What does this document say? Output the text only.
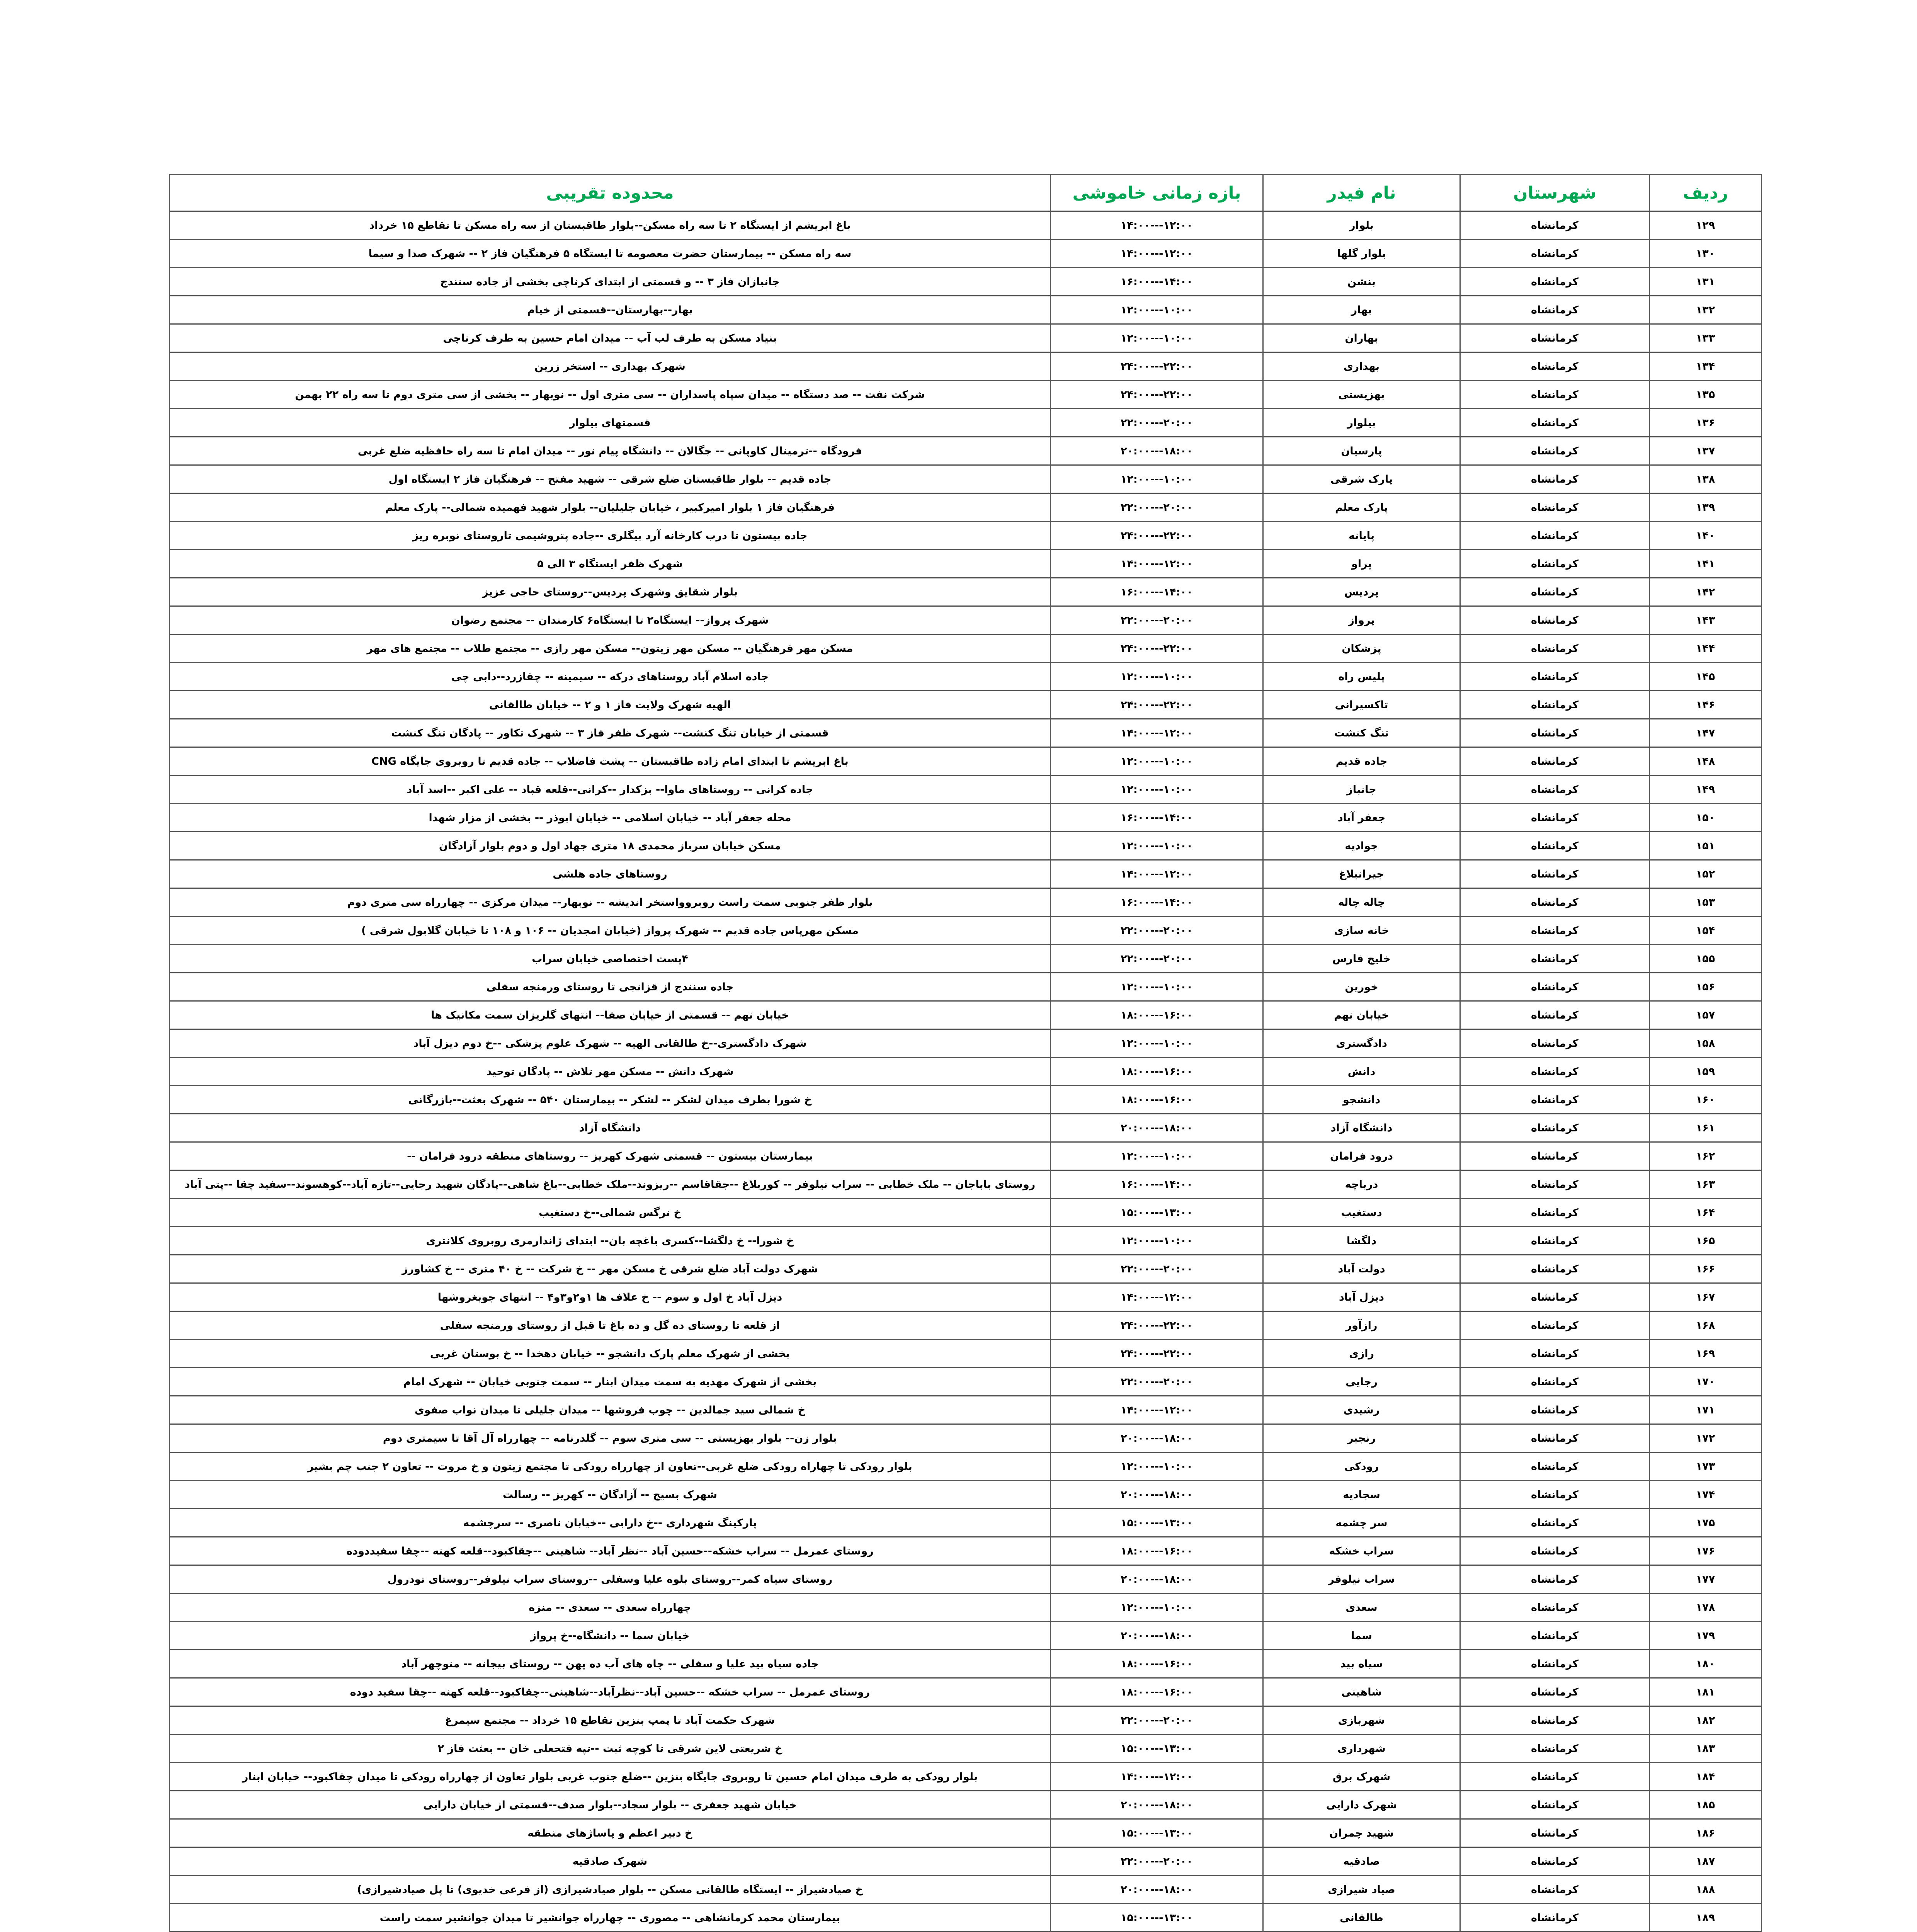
ردیف	شهرستان	نام فیدر	بازه زمانی خاموشی	محدوده تقریبی
۱۲۹	کرمانشاه	بلوار	۱۲:۰۰---۱۴:۰۰	باغ ابریشم از ایستگاه ۲ تا سه راه مسکن--بلوار طاقبستان از سه راه مسکن تا تقاطع ۱۵ خرداد
۱۳۰	کرمانشاه	بلوار گلها	۱۲:۰۰---۱۴:۰۰	سه راه مسکن -- بیمارستان حضرت معصومه تا ایستگاه ۵ فرهنگیان فاز ۲ -- شهرک صدا و سیما
۱۳۱	کرمانشاه	بنشن	۱۴:۰۰---۱۶:۰۰	جانبازان فاز ۳ -- و قسمتی از ابتدای کرناچی بخشی از جاده سنندج
۱۳۲	کرمانشاه	بهار	۱۰:۰۰---۱۲:۰۰	بهار--بهارستان--قسمتی از خیام
۱۳۳	کرمانشاه	بهاران	۱۰:۰۰---۱۲:۰۰	بنیاد مسکن به طرف لب آب -- میدان امام حسین به طرف کرناچی
۱۳۴	کرمانشاه	بهداری	۲۲:۰۰---۲۴:۰۰	شهرک بهداری -- استخر زرین
۱۳۵	کرمانشاه	بهزیستی	۲۲:۰۰---۲۴:۰۰	شرکت نفت -- صد دستگاه -- میدان سپاه پاسداران -- سی متری اول -- نوبهار -- بخشی از سی متری دوم تا سه راه ۲۲ بهمن
۱۳۶	کرمانشاه	بیلوار	۲۰:۰۰---۲۲:۰۰	قسمتهای بیلوار
۱۳۷	کرمانشاه	پارسیان	۱۸:۰۰---۲۰:۰۰	فرودگاه --ترمینال کاوپانی -- جگالان -- دانشگاه پیام نور -- میدان امام تا سه راه حافظیه ضلع غربی
۱۳۸	کرمانشاه	پارک شرقی	۱۰:۰۰---۱۲:۰۰	جاده قدیم -- بلوار طاقبستان ضلع شرقی -- شهید مفتح -- فرهنگیان فاز ۲ ایستگاه اول
۱۳۹	کرمانشاه	پارک معلم	۲۰:۰۰---۲۲:۰۰	فرهنگیان فاز ۱ بلوار امیرکبیر ، خیابان جلیلیان-- بلوار شهید فهمیده شمالی-- پارک معلم
۱۴۰	کرمانشاه	پایانه	۲۲:۰۰---۲۴:۰۰	جاده بیستون تا درب کارخانه آرد بیگلری --جاده پتروشیمی تاروستای نوبره ریز
۱۴۱	کرمانشاه	پراو	۱۲:۰۰---۱۴:۰۰	شهرک ظفر ایستگاه ۳ الی ۵
۱۴۲	کرمانشاه	پردیس	۱۴:۰۰---۱۶:۰۰	بلوار شقایق وشهرک پردیس--روستای حاجی عزیز
۱۴۳	کرمانشاه	پرواز	۲۰:۰۰---۲۲:۰۰	شهرک پرواز-- ایستگاه۲ تا ایستگاه۶ کارمندان -- مجتمع رضوان
۱۴۴	کرمانشاه	پزشکان	۲۲:۰۰---۲۴:۰۰	مسکن مهر فرهنگیان -- مسکن مهر زیتون-- مسکن مهر رازی -- مجتمع طلاب -- مجتمع های مهر
۱۴۵	کرمانشاه	پلیس راه	۱۰:۰۰---۱۲:۰۰	جاده اسلام آباد روستاهای درکه -- سیمینه -- چقازرد--دابی چی
۱۴۶	کرمانشاه	تاکسیرانی	۲۲:۰۰---۲۴:۰۰	الهیه شهرک ولایت فاز ۱ و ۲ -- خیابان طالقانی
۱۴۷	کرمانشاه	تنگ کنشت	۱۲:۰۰---۱۴:۰۰	قسمتی از خیابان تنگ کنشت-- شهرک ظفر فاز ۳ -- شهرک تکاور -- پادگان تنگ کنشت
۱۴۸	کرمانشاه	جاده قدیم	۱۰:۰۰---۱۲:۰۰	باغ ابریشم تا ابتدای امام زاده طاقبستان -- پشت فاضلاب -- جاده قدیم تا روبروی جایگاه CNG
۱۴۹	کرمانشاه	جانباز	۱۰:۰۰---۱۲:۰۰	جاده کرانی -- روستاهای ماوا-- بزکدار --کرانی--قلعه قباد -- علی اکبر --اسد آباد
۱۵۰	کرمانشاه	جعفر آباد	۱۴:۰۰---۱۶:۰۰	محله جعفر آباد -- خیابان اسلامی -- خیابان ابوذر -- بخشی از مزار شهدا
۱۵۱	کرمانشاه	جوادیه	۱۰:۰۰---۱۲:۰۰	مسکن خیابان سرباز محمدی ۱۸ متری جهاد اول و دوم بلوار آزادگان
۱۵۲	کرمانشاه	جیرانبلاغ	۱۲:۰۰---۱۴:۰۰	روستاهای جاده هلشی
۱۵۳	کرمانشاه	چاله چاله	۱۴:۰۰---۱۶:۰۰	بلوار ظفر جنوبی سمت راست روبروواستخر اندیشه -- نوبهار-- میدان مرکزی -- چهارراه سی متری دوم
۱۵۴	کرمانشاه	خانه سازی	۲۰:۰۰---۲۲:۰۰	مسکن مهرپاس جاده قدیم -- شهرک پرواز (خیابان امجدیان -- ۱۰۶ و ۱۰۸ تا خیابان گلابول شرقی )
۱۵۵	کرمانشاه	خلیج فارس	۲۰:۰۰---۲۲:۰۰	۴پست اختصاصی خیابان سراب
۱۵۶	کرمانشاه	خورین	۱۰:۰۰---۱۲:۰۰	جاده سنندج از قزانجی تا روستای ورمنجه سفلی
۱۵۷	کرمانشاه	خیابان نهم	۱۶:۰۰---۱۸:۰۰	خیابان نهم -- قسمتی از خیابان صفا-- انتهای گلریزان سمت مکانیک ها
۱۵۸	کرمانشاه	دادگستری	۱۰:۰۰---۱۲:۰۰	شهرک دادگستری--خ طالقانی الهیه -- شهرک علوم پزشکی --خ دوم دیزل آباد
۱۵۹	کرمانشاه	دانش	۱۶:۰۰---۱۸:۰۰	شهرک دانش -- مسکن مهر تلاش -- پادگان توحید
۱۶۰	کرمانشاه	دانشجو	۱۶:۰۰---۱۸:۰۰	خ شورا بطرف میدان لشکر -- لشکر -- بیمارستان ۵۴۰ -- شهرک بعثت--بازرگانی
۱۶۱	کرمانشاه	دانشگاه آزاد	۱۸:۰۰---۲۰:۰۰	دانشگاه آزاد
۱۶۲	کرمانشاه	درود فرامان	۱۰:۰۰---۱۲:۰۰	بیمارستان بیستون -- قسمتی شهرک کهریز -- روستاهای منطقه درود فرامان --
۱۶۳	کرمانشاه	درباچه	۱۴:۰۰---۱۶:۰۰	روستای باباجان -- ملک خطابی -- سراب نیلوفر -- کوربلاغ --جقاقاسم --ریزوند--ملک خطابی--باغ شاهی--پادگان شهید رجایی--تازه آباد--کوهسوند--سفید چقا --پتی آباد
۱۶۴	کرمانشاه	دستغیب	۱۳:۰۰---۱۵:۰۰	خ نرگس شمالی--خ دستغیب
۱۶۵	کرمانشاه	دلگشا	۱۰:۰۰---۱۲:۰۰	خ شورا-- خ دلگشا--کسری باغچه بان-- ابتدای ژاندارمری روبروی کلانتری
۱۶۶	کرمانشاه	دولت آباد	۲۰:۰۰---۲۲:۰۰	شهرک دولت آباد ضلع شرقی خ مسکن مهر -- خ شرکت -- خ ۴۰ متری -- خ کشاورز
۱۶۷	کرمانشاه	دیزل آباد	۱۲:۰۰---۱۴:۰۰	دیزل آباد خ اول و سوم -- خ علاف ها ۱و۲و۳و۴ -- انتهای جوبغروشها
۱۶۸	کرمانشاه	رازآور	۲۲:۰۰---۲۴:۰۰	از قلعه تا روستای ده گل و ده باغ تا قبل از روستای ورمنجه سفلی
۱۶۹	کرمانشاه	رازی	۲۲:۰۰---۲۴:۰۰	بخشی از شهرک معلم پارک دانشجو -- خیابان دهخدا -- خ بوستان غربی
۱۷۰	کرمانشاه	رجایی	۲۰:۰۰---۲۲:۰۰	بخشی از شهرک مهدیه به سمت میدان ابنار -- سمت جنوبی خیابان -- شهرک امام
۱۷۱	کرمانشاه	رشیدی	۱۲:۰۰---۱۴:۰۰	خ شمالی سید جمالدین -- چوب فروشها -- میدان جلیلی تا میدان نواب صفوی
۱۷۲	کرمانشاه	رنجبر	۱۸:۰۰---۲۰:۰۰	بلوار زن-- بلوار بهزیستی -- سی متری سوم -- گلدرنامه -- چهارراه آل آقا تا سیمتری دوم
۱۷۳	کرمانشاه	رودکی	۱۰:۰۰---۱۲:۰۰	بلوار رودکی تا چهاراه رودکی ضلع غربی--تعاون از چهارراه رودکی تا مجتمع زیتون و خ مروت -- تعاون ۲ جنب چم بشیر
۱۷۴	کرمانشاه	سجادیه	۱۸:۰۰---۲۰:۰۰	شهرک بسیج -- آزادگان -- کهریز -- رسالت
۱۷۵	کرمانشاه	سر چشمه	۱۳:۰۰---۱۵:۰۰	پارکینگ شهرداری --خ دارابی --خیابان ناصری -- سرچشمه
۱۷۶	کرمانشاه	سراب خشکه	۱۶:۰۰---۱۸:۰۰	روستای عمرمل -- سراب خشکه--حسین آباد --نظر آباد-- شاهینی --چقاکبود--قلعه کهنه --چقا سفیددوده
۱۷۷	کرمانشاه	سراب نیلوفر	۱۸:۰۰---۲۰:۰۰	روستای سیاه کمر--روستای بلوه علیا وسفلی --روستای سراب نیلوفر--روستای تودرول
۱۷۸	کرمانشاه	سعدی	۱۰:۰۰---۱۲:۰۰	چهارراه سعدی -- سعدی -- منزه
۱۷۹	کرمانشاه	سما	۱۸:۰۰---۲۰:۰۰	خیابان سما -- دانشگاه--خ پرواز
۱۸۰	کرمانشاه	سیاه بید	۱۶:۰۰---۱۸:۰۰	جاده سیاه بید علیا و سفلی -- چاه های آب ده پهن -- روستای بیجانه -- منوچهر آباد
۱۸۱	کرمانشاه	شاهینی	۱۶:۰۰---۱۸:۰۰	روستای عمرمل -- سراب خشکه --حسین آباد--نظرآباد--شاهینی--چقاکبود--قلعه کهنه --چقا سفید دوده
۱۸۲	کرمانشاه	شهربازی	۲۰:۰۰---۲۲:۰۰	شهرک حکمت آباد تا پمپ بنزین تقاطع ۱۵ خرداد -- مجتمع سیمرغ
۱۸۳	کرمانشاه	شهرداری	۱۳:۰۰---۱۵:۰۰	خ شریعتی لاین شرقی تا کوچه ثبت --تپه فتحعلی خان -- بعثت فاز ۲
۱۸۴	کرمانشاه	شهرک برق	۱۲:۰۰---۱۴:۰۰	بلوار رودکی به طرف میدان امام حسین تا روبروی جایگاه بنزین --ضلع جنوب غربی بلوار تعاون از چهارراه رودکی تا میدان چقاکبود-- خیابان ابنار
۱۸۵	کرمانشاه	شهرک دارایی	۱۸:۰۰---۲۰:۰۰	خیابان شهید جعفری -- بلوار سجاد--بلوار صدف--قسمتی از خیابان دارایی
۱۸۶	کرمانشاه	شهید چمران	۱۳:۰۰---۱۵:۰۰	خ دبیر اعظم و پاساژهای منطقه
۱۸۷	کرمانشاه	صادقیه	۲۰:۰۰---۲۲:۰۰	شهرک صادقیه
۱۸۸	کرمانشاه	صیاد شیرازی	۱۸:۰۰---۲۰:۰۰	خ صیادشیراز -- ایستگاه طالقانی مسکن -- بلوار صیادشیرازی (از فرعی خدیوی) تا پل صیادشیرازی)
۱۸۹	کرمانشاه	طالقانی	۱۳:۰۰---۱۵:۰۰	بیمارستان محمد کرمانشاهی -- مصوری -- چهارراه جوانشیر تا میدان جوانشیر سمت راست
